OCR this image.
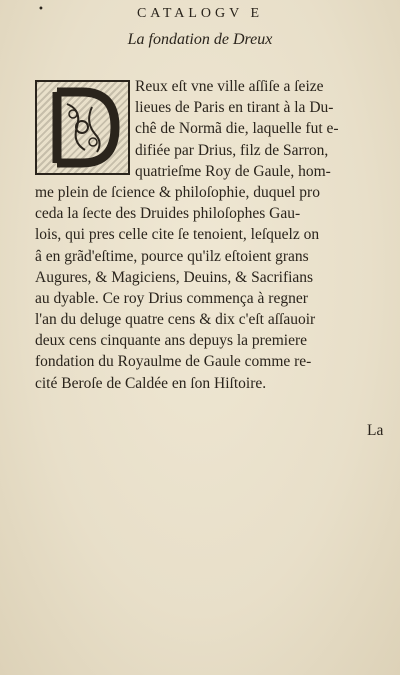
•	CATALOGV E
La fondation de Dreux
Reux eſt vne ville aſſiſe a ſeize
lieues de Paris en tirant à la Du-
chê de Normã die, laquelle fut e-
difiée par Drius, filz de Sarron,
quatrieſme Roy de Gaule, hom-
me plein de ſcience & philoſophie, duquel pro
ceda la ſecte des Druides philoſophes Gau-
lois, qui pres celle cite ſe tenoient, leſquelz on
â en grãd'eſtime, pource qu'ilz eſtoient grans
Augures, & Magiciens, Deuins, & Sacrifians
au dyable. Ce roy Drius commença à regner
l'an du deluge quatre cens & dix c'eſt aſſauoir
deux cens cinquante ans depuys la premiere
fondation du Royaulme de Gaule comme re-
cité Beroſe de Caldée en ſon Hiſtoire.
La
